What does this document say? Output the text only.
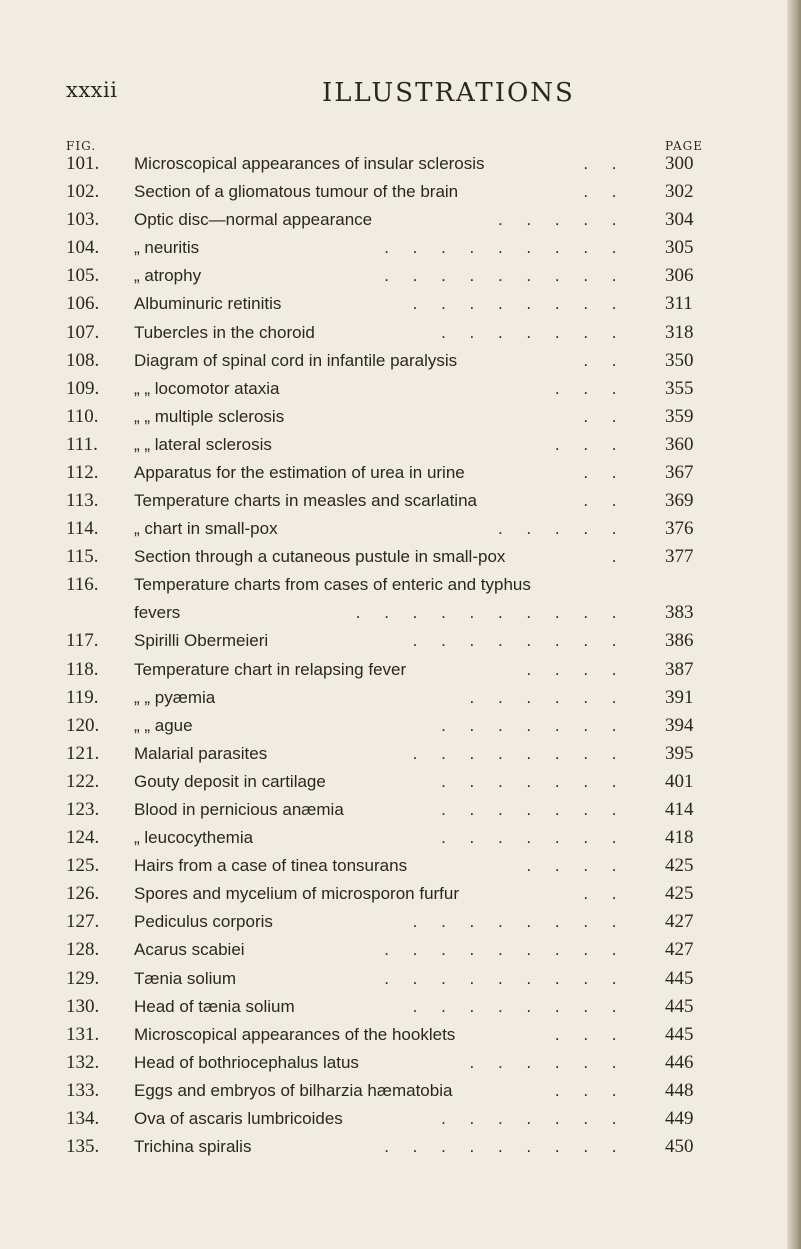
xxxii	ILLUSTRATIONS
FIG.	PAGE
101. Microscopical appearances of insular sclerosis	. . 300
102. Section of a gliomatous tumour of the brain	. . 302
103. Optic disc—normal appearance	. . . . . 304
104. „ neuritis	. . . . . . . . . 305
105. „ atrophy	. . . . . . . . . 306
106. Albuminuric retinitis	. . . . . . . . 311
107. Tubercles in the choroid	. . . . . . . 318
108. Diagram of spinal cord in infantile paralysis	. . 350
109. „ „ locomotor ataxia	. . . 355
110. „ „ multiple sclerosis	. . 359
111. „ „ lateral sclerosis	. . . 360
112. Apparatus for the estimation of urea in urine	. . 367
113. Temperature charts in measles and scarlatina	. . 369
114. „ chart in small-pox	. . . . . 376
115. Section through a cutaneous pustule in small-pox	. 377
116. Temperature charts from cases of enteric and typhus
fevers	. . . . . . . . . . 383
117. Spirilli Obermeieri	. . . . . . . . 386
118. Temperature chart in relapsing fever	. . . . 387
119. „ „ pyæmia	. . . . . . 391
120. „ „ ague	. . . . . . . 394
121. Malarial parasites	. . . . . . . . 395
122. Gouty deposit in cartilage	. . . . . . . 401
123. Blood in pernicious anæmia	. . . . . . . 414
124. „ leucocythemia	. . . . . . . 418
125. Hairs from a case of tinea tonsurans	. . . . 425
126. Spores and mycelium of microsporon furfur	. . 425
127. Pediculus corporis	. . . . . . . . 427
128. Acarus scabiei	. . . . . . . . . 427
129. Tænia solium	. . . . . . . . . 445
130. Head of tænia solium	. . . . . . . . 445
131. Microscopical appearances of the hooklets	. . . 445
132. Head of bothriocephalus latus	. . . . . . 446
133. Eggs and embryos of bilharzia hæmatobia	. . . 448
134. Ova of ascaris lumbricoides	. . . . . . . 449
135. Trichina spiralis	. . . . . . . . . 450
